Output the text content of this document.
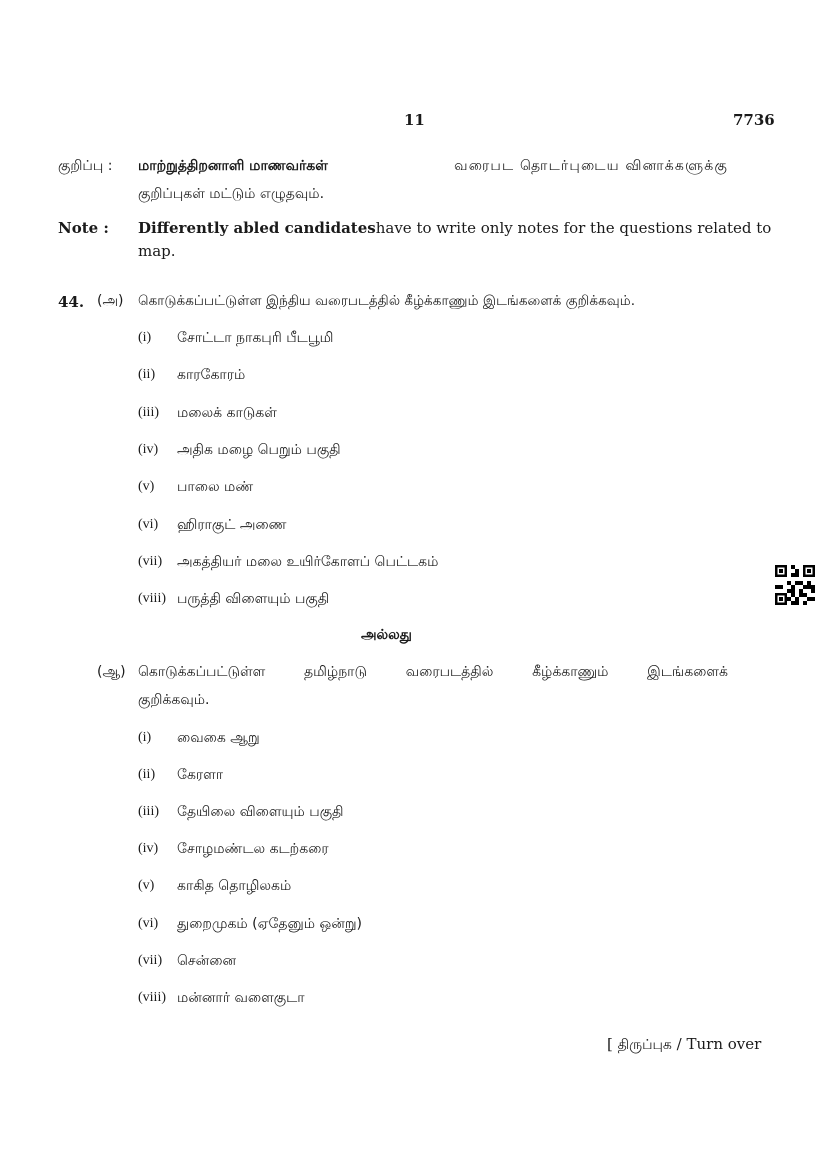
11	7736
குறிப்பு : மாற்றுத்திறனாளி மாணவர்கள்	வரைபட தொடர்புடைய வினாக்களுக்கு
குறிப்புகள் மட்டும் எழுதவும்.
Note : Differently abled candidates have to write only notes for the questions related to
map.
44. (அ) கொடுக்கப்பட்டுள்ள இந்திய வரைபடத்தில் கீழ்க்காணும் இடங்களைக் குறிக்கவும்.
(i) சோட்டா நாகபுரி பீடபூமி
(ii) காரகோரம்
(iii) மலைக் காடுகள்
(iv) அதிக மழை பெறும் பகுதி
(v) பாலை மண்
(vi) ஹிராகுட் அணை
(vii) அகத்தியர் மலை உயிர்கோளப் பெட்டகம்
(viii) பருத்தி விளையும் பகுதி
அல்லது
(ஆ) கொடுக்கப்பட்டுள்ள தமிழ்நாடு வரைபடத்தில் கீழ்க்காணும் இடங்களைக்
குறிக்கவும்.
(i) வைகை ஆறு
(ii) கேரளா
(iii) தேயிலை விளையும் பகுதி
(iv) சோழமண்டல கடற்கரை
(v) காகித தொழிலகம்
(vi) துறைமுகம் (ஏதேனும் ஒன்று)
(vii) சென்னை
(viii) மன்னார் வளைகுடா
[ திருப்புக / Turn over
